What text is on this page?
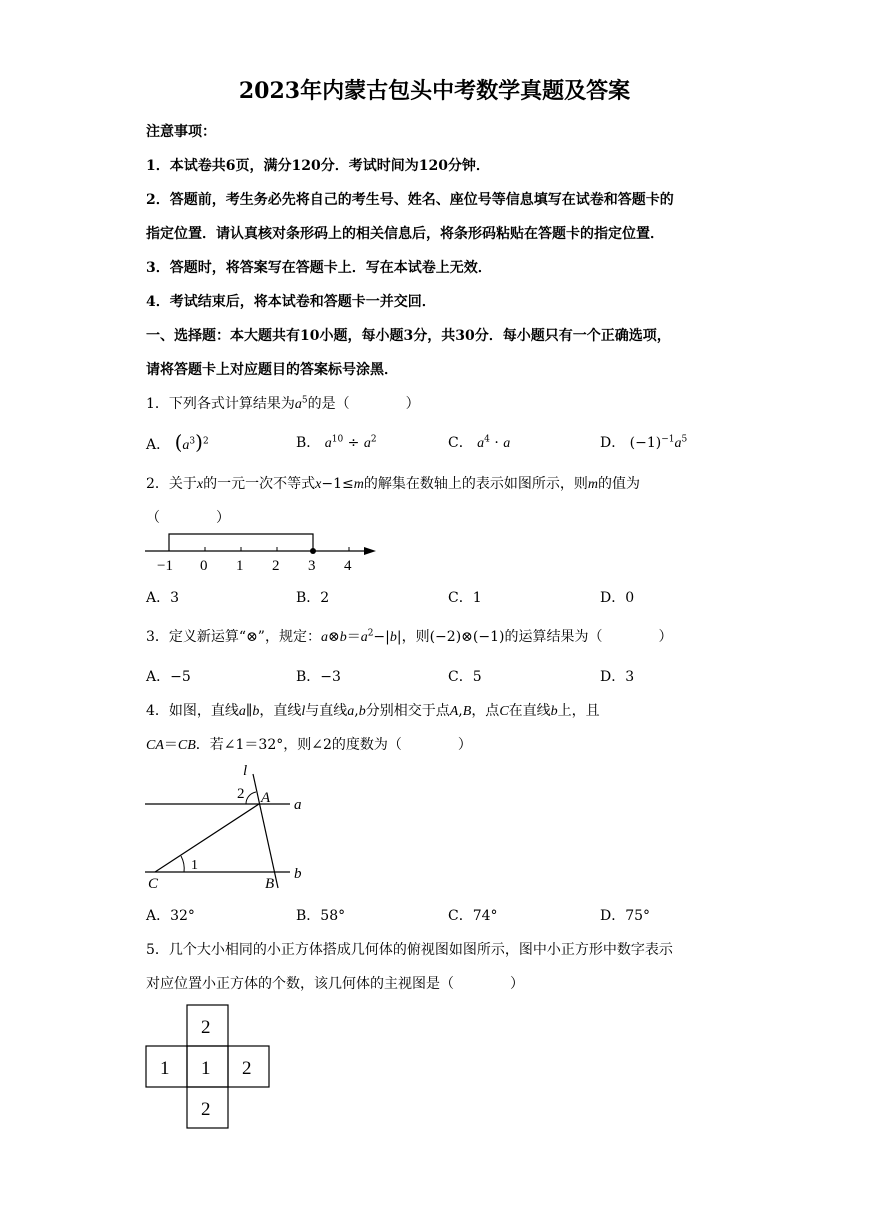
2023年内蒙古包头中考数学真题及答案
注意事项：
1．本试卷共6页，满分120分．考试时间为120分钟．
2．答题前，考生务必先将自己的考生号、姓名、座位号等信息填写在试卷和答题卡的
指定位置．请认真核对条形码上的相关信息后，将条形码粘贴在答题卡的指定位置．
3．答题时，将答案写在答题卡上．写在本试卷上无效．
4．考试结束后，将本试卷和答题卡一并交回．
一、选择题：本大题共有10小题，每小题3分，共30分．每小题只有一个正确选项，
请将答题卡上对应题目的答案标号涂黑．
1．下列各式计算结果为$a^5$的是（　　　　）
A． $(a^3)^2$	B． $a^{10} \div a^2$	C． $a^4 \cdot a$	D． $(-1)^{-1}a^5$
2．关于x的一元一次不等式x−1≤m的解集在数轴上的表示如图所示，则m的值为
（　　　　）
−1 0 1 2 3 4
A．3	B．2	C．1	D．0
3．定义新运算“⊗”，规定：$a\otimes b=a^2-|b|$，则(−2)⊗(−1)的运算结果为（　　　　）
A．−5	B．−3	C．5	D．3
4．如图，直线a∥b，直线l与直线a,b分别相交于点A,B，点C在直线b上，且
CA＝CB．若∠1＝32°，则∠2的度数为（　　　　）
l
2 A a
1
C	B
b
A．32°	B．58°	C．74°	D．75°
5．几个大小相同的小正方体搭成几何体的俯视图如图所示，图中小正方形中数字表示
对应位置小正方体的个数，该几何体的主视图是（　　　　）
2
1 1 2
2
